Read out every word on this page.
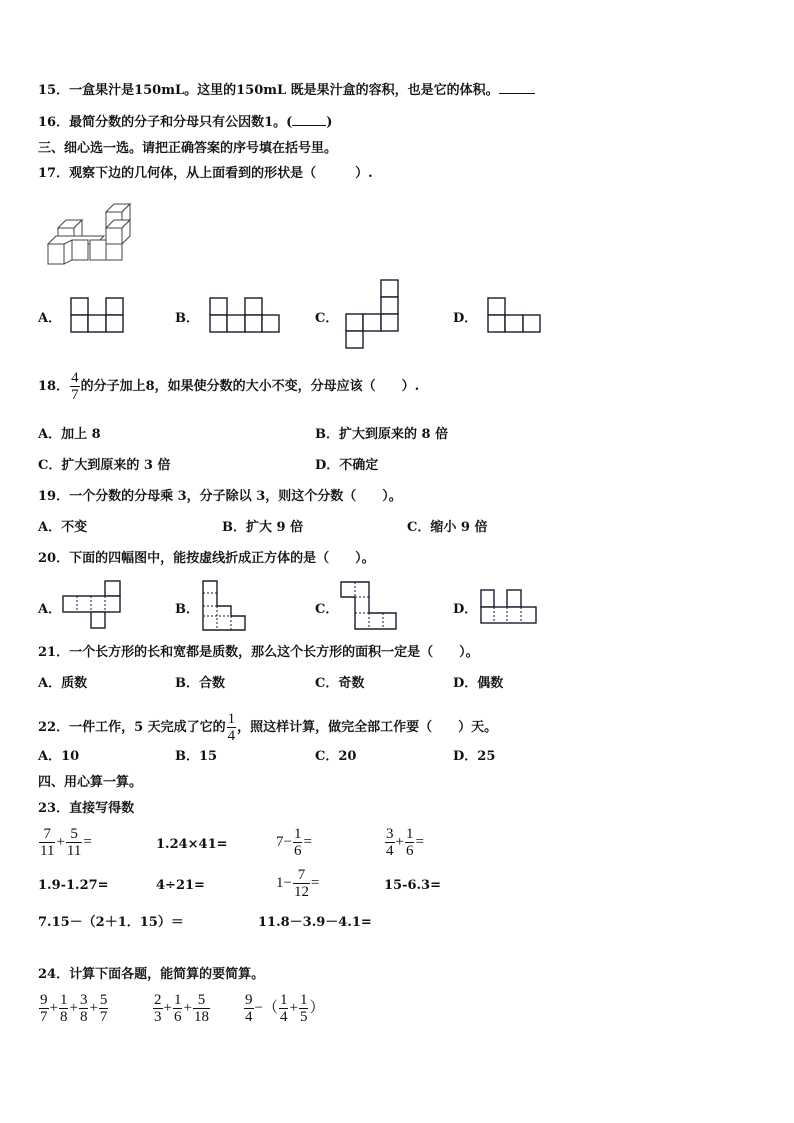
15．一盒果汁是150mL。这里的150mL 既是果汁盒的容积，也是它的体积。
16．最简分数的分子和分母只有公因数1。(	)
三、细心选一选。请把正确答案的序号填在括号里。
17．观察下边的几何体，从上面看到的形状是（　　　）.
A．	B．	C．	D．
18． $\frac{4}{7}$ 的分子加上8，如果使分数的大小不变，分母应该（　　）.
A．加上 8	B．扩大到原来的 8 倍
C．扩大到原来的 3 倍	D．不确定
19．一个分数的分母乘 3，分子除以 3，则这个分数（　　）。
A．不变	B．扩大 9 倍	C．缩小 9 倍
20．下面的四幅图中，能按虚线折成正方体的是（　　）。
A．	B．	C．	D．
21．一个长方形的长和宽都是质数，那么这个长方形的面积一定是（　　）。
A．质数	B．合数	C．奇数	D．偶数
22．一件工作，5 天完成了它的 $\frac{1}{4}$ ，照这样计算，做完全部工作要（　　）天。
A．10	B．15	C．20	D．25
四、用心算一算。
23．直接写得数
$\frac{7}{11} + \frac{5}{11}$ =	1.24×41=	$7- \frac{1}{6}$ =	$\frac{3}{4} + \frac{1}{6}$ =
1.9-1.27=	4÷21=	$1- \frac{7}{12}$ =	15-6.3=
7.15－（2＋1．15）＝	11.8－3.9－4.1=
24．计算下面各题，能简算的要简算。
$\frac{9}{7} + \frac{1}{8} + \frac{3}{8} + \frac{5}{7}$	$\frac{2}{3} + \frac{1}{6} + \frac{5}{18} \frac{9}{4}$ −（ $\frac{1}{4} + \frac{1}{5}$ ）
